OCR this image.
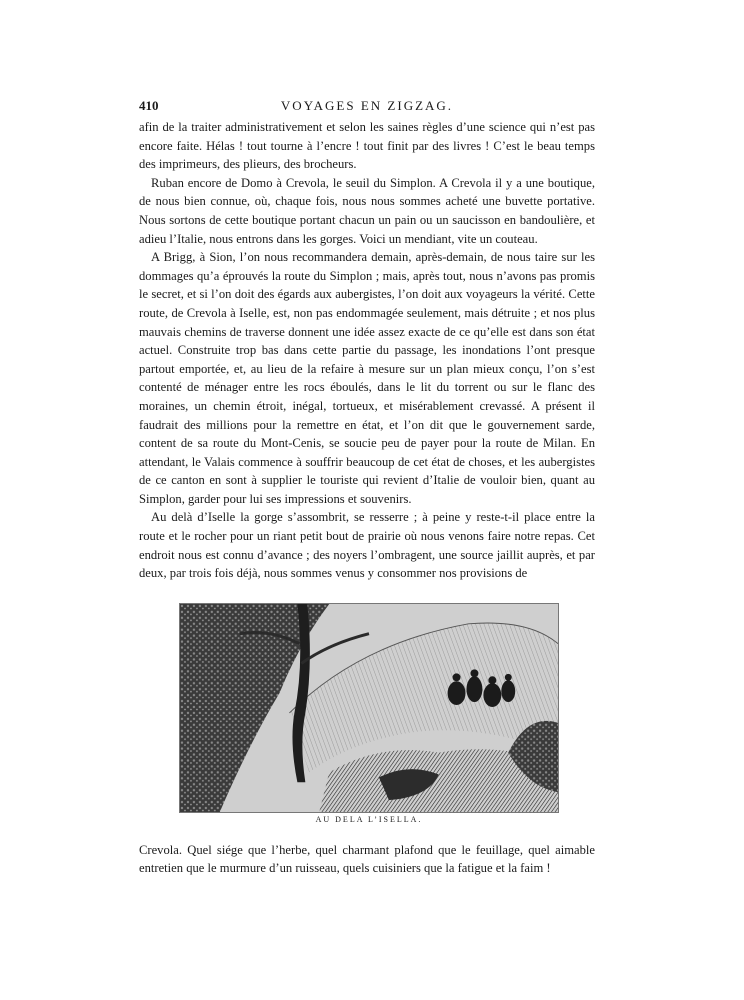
410	VOYAGES EN ZIGZAG.

afin de la traiter administrativement et selon les saines règles d’une science qui n’est pas encore faite. Hélas ! tout tourne à l’encre ! tout finit par des livres ! C’est le beau temps des imprimeurs, des plieurs, des brocheurs.

Ruban encore de Domo à Crevola, le seuil du Simplon. A Crevola il y a une boutique, de nous bien connue, où, chaque fois, nous nous sommes acheté une buvette portative. Nous sortons de cette boutique portant chacun un pain ou un saucisson en bandoulière, et adieu l’Italie, nous entrons dans les gorges. Voici un mendiant, vite un couteau.

A Brigg, à Sion, l’on nous recommandera demain, après-demain, de nous taire sur les dommages qu’a éprouvés la route du Simplon ; mais, après tout, nous n’avons pas promis le secret, et si l’on doit des égards aux aubergistes, l’on doit aux voyageurs la vérité. Cette route, de Crevola à Iselle, est, non pas endommagée seulement, mais détruite ; et nos plus mauvais chemins de traverse donnent une idée assez exacte de ce qu’elle est dans son état actuel. Construite trop bas dans cette partie du passage, les inondations l’ont presque partout emportée, et, au lieu de la refaire à mesure sur un plan mieux conçu, l’on s’est contenté de ménager entre les rocs éboulés, dans le lit du torrent ou sur le flanc des moraines, un chemin étroit, inégal, tortueux, et misérablement crevassé. A présent il faudrait des millions pour la remettre en état, et l’on dit que le gouvernement sarde, content de sa route du Mont-Cenis, se soucie peu de payer pour la route de Milan. En attendant, le Valais commence à souffrir beaucoup de cet état de choses, et les aubergistes de ce canton en sont à supplier le touriste qui revient d’Italie de vouloir bien, quant au Simplon, garder pour lui ses impressions et souvenirs.

Au delà d’Iselle la gorge s’assombrit, se resserre ; à peine y reste-t-il place entre la route et le rocher pour un riant petit bout de prairie où nous venons faire notre repas. Cet endroit nous est connu d’avance ; des noyers l’ombragent, une source jaillit auprès, et par deux, par trois fois déjà, nous sommes venus y consommer nos provisions de

AU DELA L’ISELLA.

Crevola. Quel siége que l’herbe, quel charmant plafond que le feuillage, quel aimable entretien que le murmure d’un ruisseau, quels cuisiniers que la fatigue et la faim !
